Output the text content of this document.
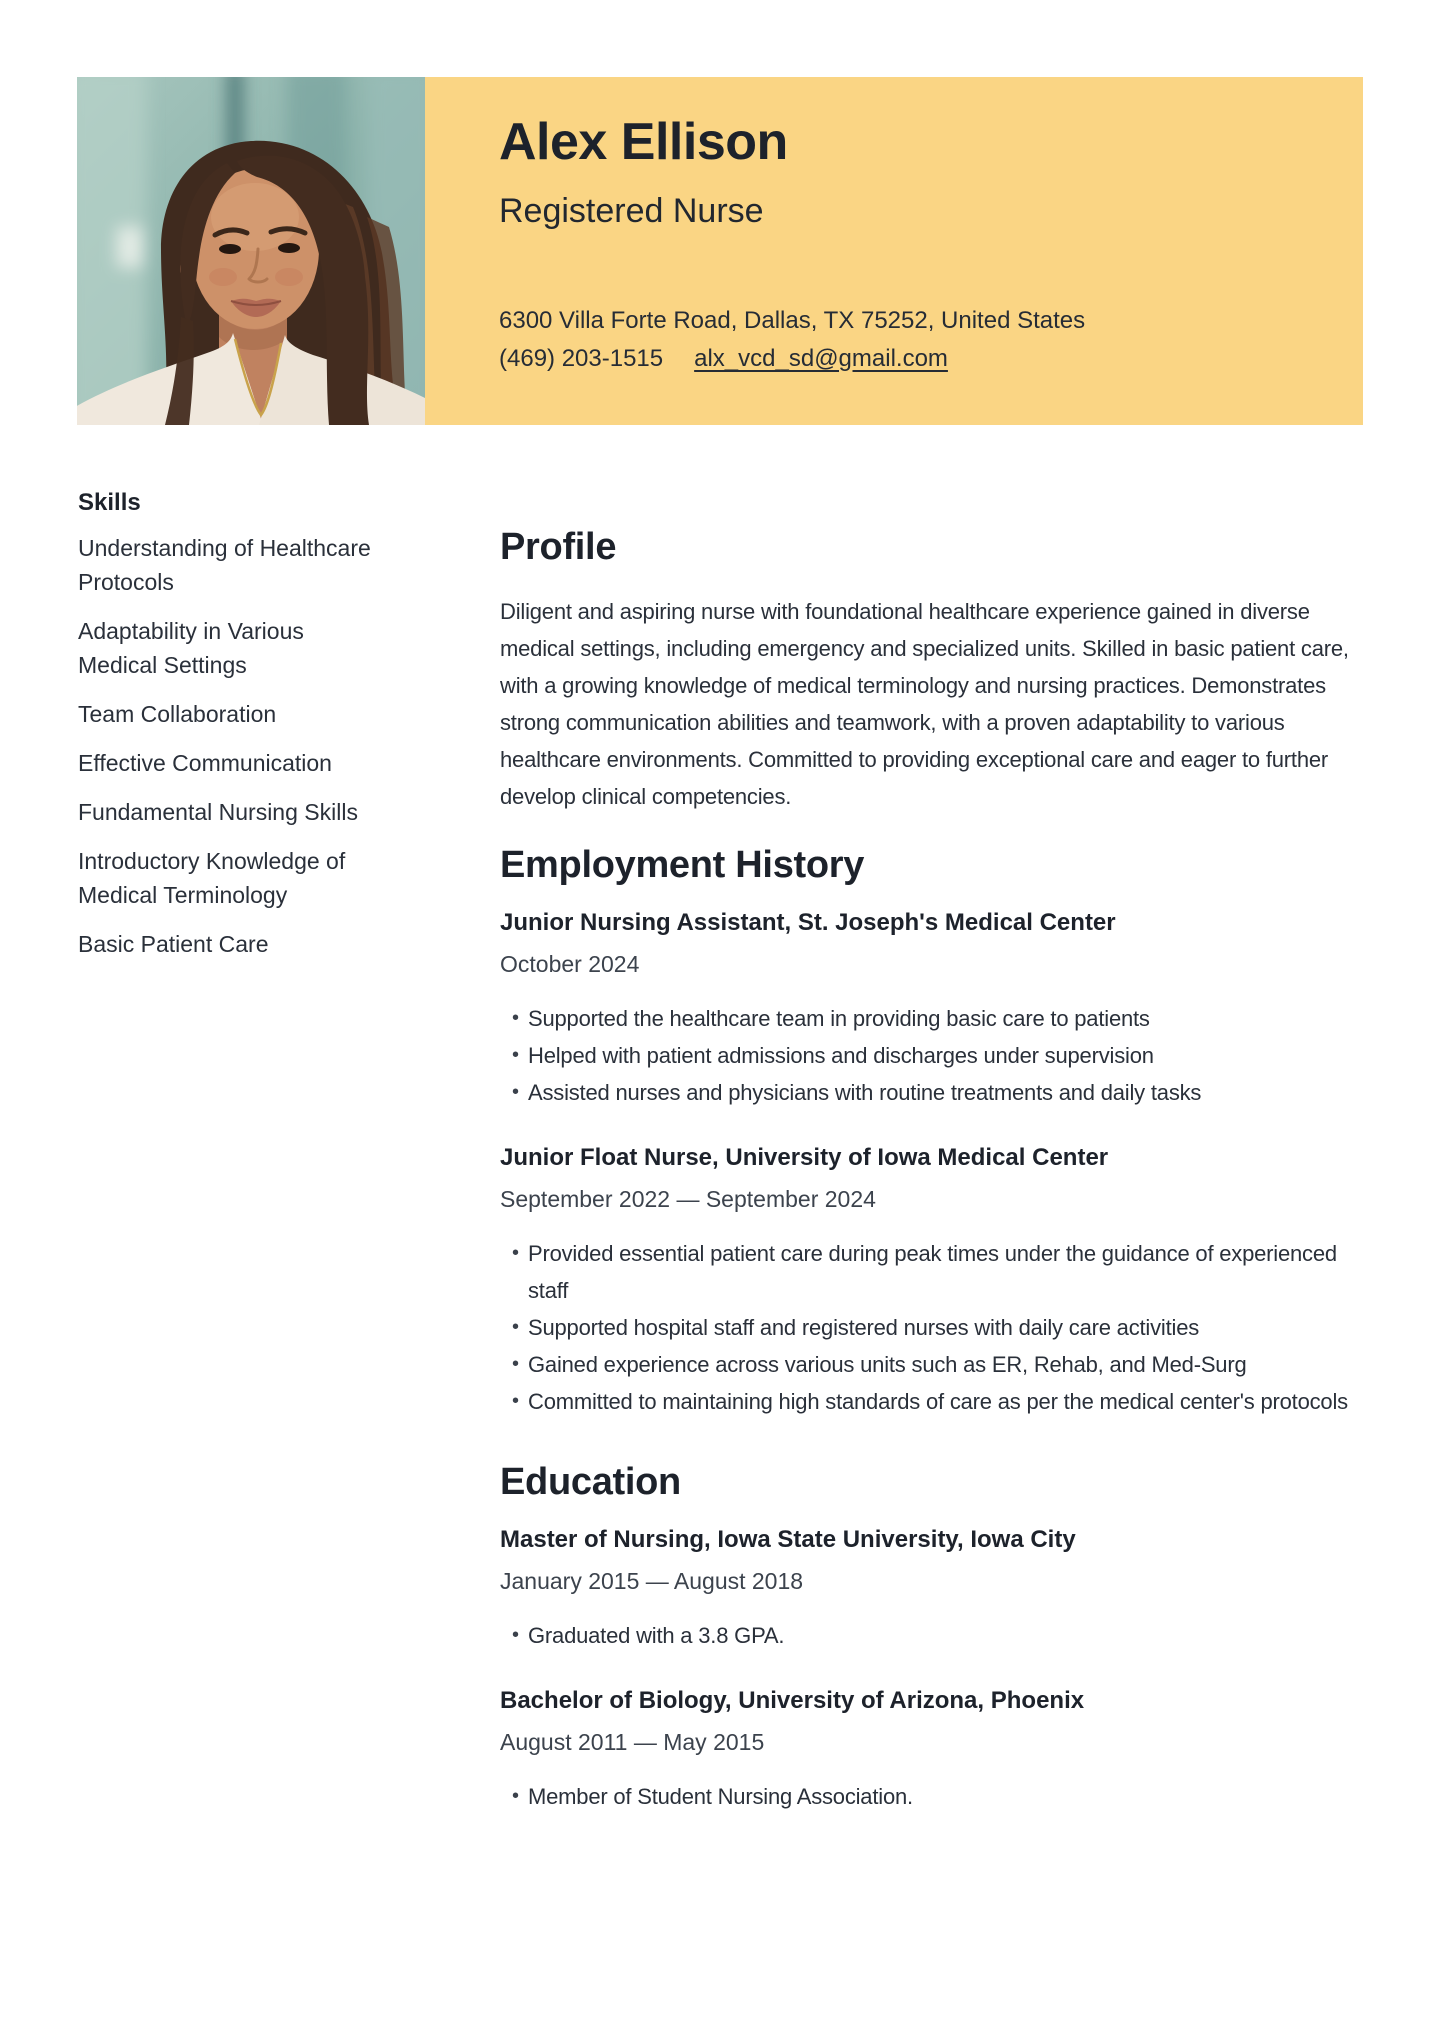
Alex Ellison
Registered Nurse
6300 Villa Forte Road, Dallas, TX 75252, United States
(469) 203-1515 alx_vcd_sd@gmail.com
Skills
Understanding of Healthcare Protocols
Adaptability in Various Medical Settings
Team Collaboration
Effective Communication
Fundamental Nursing Skills
Introductory Knowledge of Medical Terminology
Basic Patient Care
Profile

Diligent and aspiring nurse with foundational healthcare experience gained in diverse medical settings, including emergency and specialized units. Skilled in basic patient care, with a growing knowledge of medical terminology and nursing practices. Demonstrates strong communication abilities and teamwork, with a proven adaptability to various healthcare environments. Committed to providing exceptional care and eager to further develop clinical competencies.

Employment History
Junior Nursing Assistant, St. Joseph's Medical Center
October 2024
• Supported the healthcare team in providing basic care to patients
• Helped with patient admissions and discharges under supervision
• Assisted nurses and physicians with routine treatments and daily tasks
Junior Float Nurse, University of Iowa Medical Center
September 2022 — September 2024
• Provided essential patient care during peak times under the guidance of experienced staff
• Supported hospital staff and registered nurses with daily care activities
• Gained experience across various units such as ER, Rehab, and Med-Surg
• Committed to maintaining high standards of care as per the medical center's protocols
Education
Master of Nursing, Iowa State University, Iowa City
January 2015 — August 2018
• Graduated with a 3.8 GPA.
Bachelor of Biology, University of Arizona, Phoenix
August 2011 — May 2015
• Member of Student Nursing Association.
